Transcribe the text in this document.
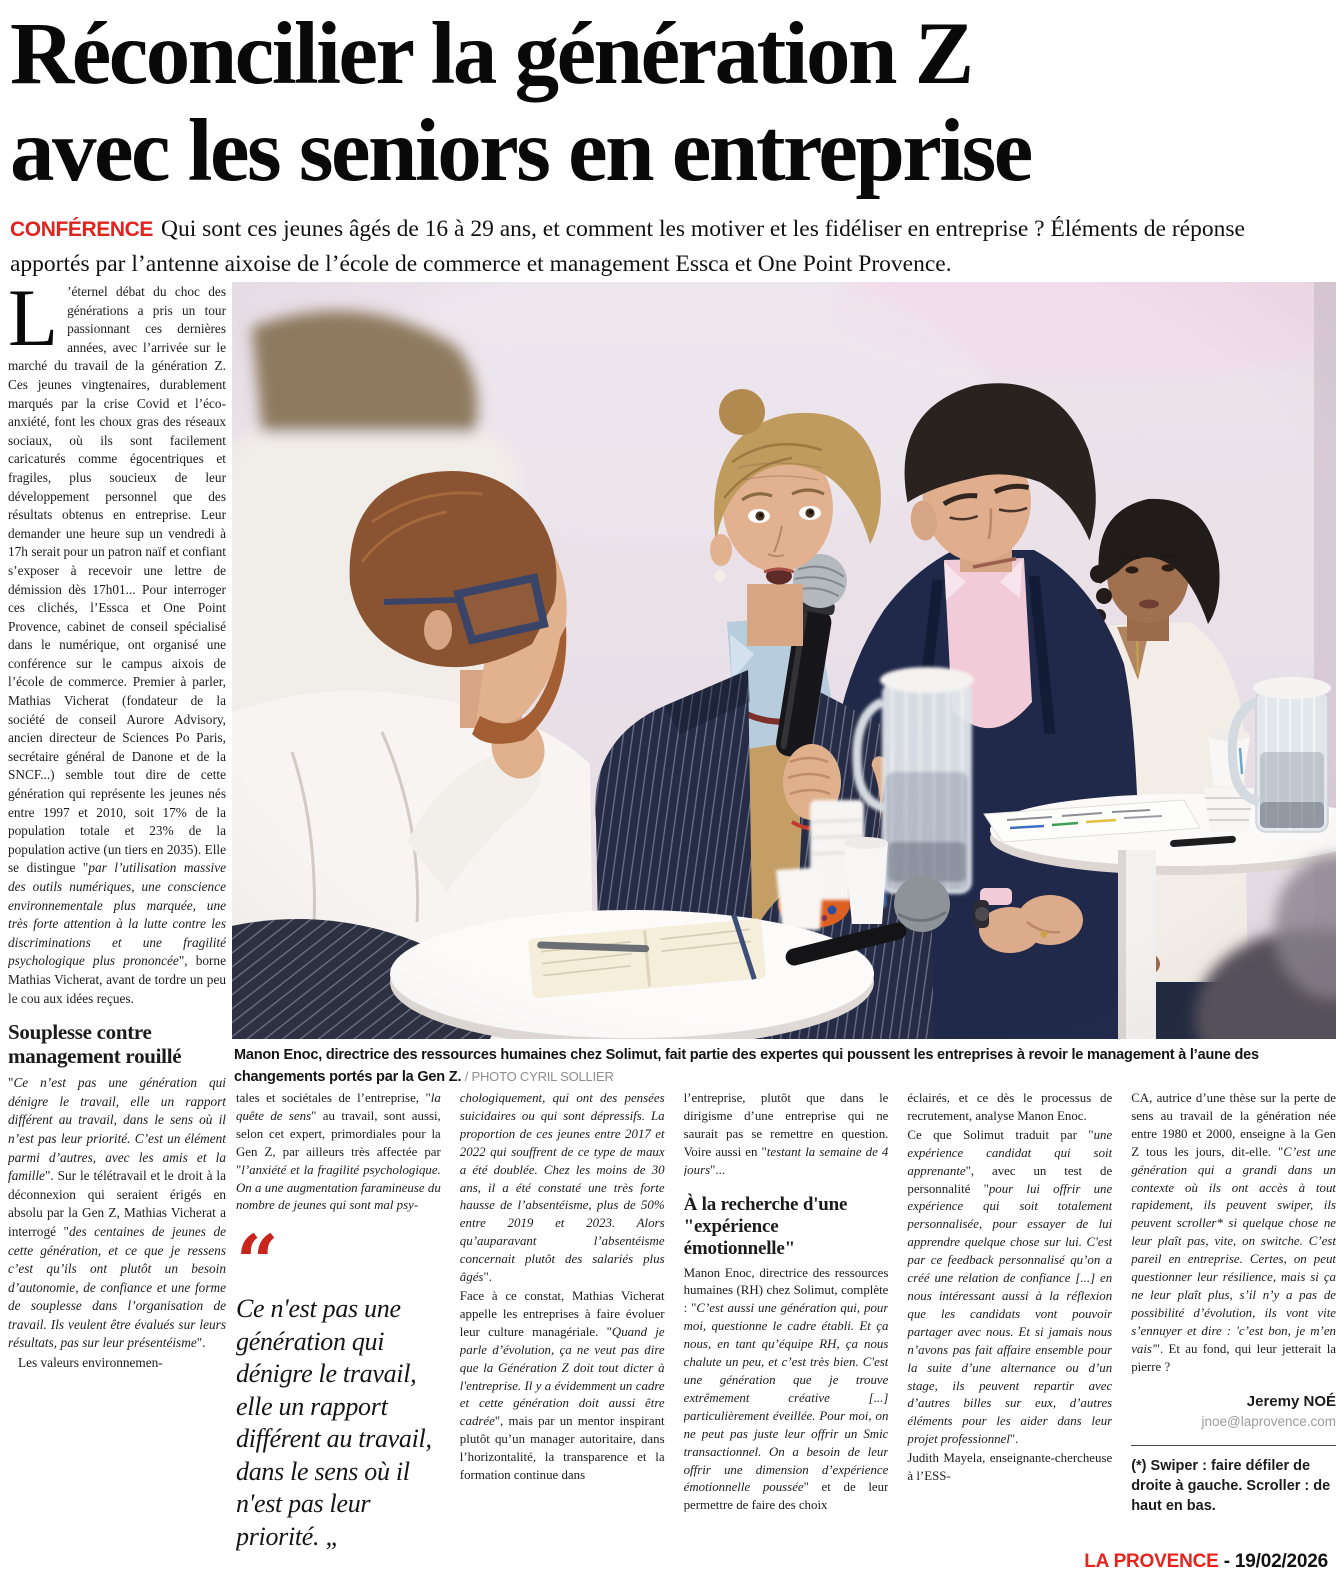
Réconcilier la génération Z
avec les seniors en entreprise
CONFÉRENCE Qui sont ces jeunes âgés de 16 à 29 ans, et comment les motiver et les fidéliser en entreprise ? Éléments de réponse apportés par l’antenne aixoise de l’école de commerce et management Essca et One Point Provence.
L ’éternel débat du choc des générations a pris un tour passionnant ces dernières années, avec l’arrivée sur le marché du travail de la génération Z. Ces jeunes vingtenaires, durablement marqués par la crise Covid et l’éco-anxiété, font les choux gras des réseaux sociaux, où ils sont facilement caricaturés comme égocentriques et fragiles, plus soucieux de leur développement personnel que des résultats obtenus en entreprise. Leur demander une heure sup un vendredi à 17h serait pour un patron naïf et confiant s’exposer à recevoir une lettre de démission dès 17h01... Pour interroger ces clichés, l’Essca et One Point Provence, cabinet de conseil spécialisé dans le numérique, ont organisé une conférence sur le campus aixois de l’école de commerce. Premier à parler, Mathias Vicherat (fondateur de la société de conseil Aurore Advisory, ancien directeur de Sciences Po Paris, secrétaire général de Danone et de la SNCF...) semble tout dire de cette génération qui représente les jeunes nés entre 1997 et 2010, soit 17% de la population totale et 23% de la population active (un tiers en 2035). Elle se distingue "par l’utilisation massive des outils numériques, une conscience environnementale plus marquée, une très forte attention à la lutte contre les discriminations et une fragilité psychologique plus prononcée", borne Mathias Vicherat, avant de tordre un peu le cou aux idées reçues.

Souplesse contre management rouillé

"Ce n’est pas une génération qui dénigre le travail, elle un rapport différent au travail, dans le sens où il n’est pas leur priorité. C’est un élément parmi d’autres, avec les amis et la famille". Sur le télétravail et le droit à la déconnexion qui seraient érigés en absolu par la Gen Z, Mathias Vicherat a interrogé "des centaines de jeunes de cette génération, et ce que je ressens c’est qu’ils ont plutôt un besoin d’autonomie, de confiance et une forme de souplesse dans l’organisation de travail. Ils veulent être évalués sur leurs résultats, pas sur leur présentéisme".

Les valeurs environnemen-

Manon Enoc, directrice des ressources humaines chez Solimut, fait partie des expertes qui poussent les entreprises à revoir le management à l’aune des changements portés par la Gen Z. / PHOTO CYRIL SOLLIER

tales et sociétales de l’entreprise, "la quête de sens" au travail, sont aussi, selon cet expert, primordiales pour la Gen Z, par ailleurs très affectée par "l’anxiété et la fragilité psychologique. On a une augmentation faramineuse du nombre de jeunes qui sont mal psy-

“
Ce n'est pas une génération qui dénigre le travail, elle un rapport différent au travail, dans le sens où il n'est pas leur priorité. „

chologiquement, qui ont des pensées suicidaires ou qui sont dépressifs. La proportion de ces jeunes entre 2017 et 2022 qui souffrent de ce type de maux a été doublée. Chez les moins de 30 ans, il a été constaté une très forte hausse de l’absentéisme, plus de 50% entre 2019 et 2023. Alors qu’auparavant l’absentéisme concernait plutôt des salariés plus âgés".

Face à ce constat, Mathias Vicherat appelle les entreprises à faire évoluer leur culture managériale. "Quand je parle d’évolution, ça ne veut pas dire que la Génération Z doit tout dicter à l'entreprise. Il y a évidemment un cadre et cette génération doit aussi être cadrée", mais par un mentor inspirant plutôt qu’un manager autoritaire, dans l’horizontalité, la transparence et la formation continue dans

l’entreprise, plutôt que dans le dirigisme d’une entreprise qui ne saurait pas se remettre en question. Voire aussi en "testant la semaine de 4 jours"...

À la recherche d'une "expérience émotionnelle"

Manon Enoc, directrice des ressources humaines (RH) chez Solimut, complète : "C’est aussi une génération qui, pour moi, questionne le cadre établi. Et ça nous, en tant qu’équipe RH, ça nous chalute un peu, et c’est très bien. C'est une génération que je trouve extrêmement créative [...] particulièrement éveillée. Pour moi, on ne peut pas juste leur offrir un Smic transactionnel. On a besoin de leur offrir une dimension d’expérience émotionnelle poussée" et de leur permettre de faire des choix

éclairés, et ce dès le processus de recrutement, analyse Manon Enoc.

Ce que Solimut traduit par "une expérience candidat qui soit apprenante", avec un test de personnalité "pour lui offrir une expérience qui soit totalement personnalisée, pour essayer de lui apprendre quelque chose sur lui. C'est par ce feedback personnalisé qu’on a créé une relation de confiance [...] en nous intéressant aussi à la réflexion que les candidats vont pouvoir partager avec nous. Et si jamais nous n’avons pas fait affaire ensemble pour la suite d’une alternance ou d’un stage, ils peuvent repartir avec d’autres billes sur eux, d’autres éléments pour les aider dans leur projet professionnel".

Judith Mayela, enseignante-chercheuse à l’ESS-

CA, autrice d’une thèse sur la perte de sens au travail de la génération née entre 1980 et 2000, enseigne à la Gen Z tous les jours, dit-elle. "C’est une génération qui a grandi dans un contexte où ils ont accès à tout rapidement, ils peuvent swiper, ils peuvent scroller* si quelque chose ne leur plaît pas, vite, on switche. C’est pareil en entreprise. Certes, on peut questionner leur résilience, mais si ça ne leur plaît plus, s’il n’y a pas de possibilité d’évolution, ils vont vite s’ennuyer et dire : 'c’est bon, je m’en vais'". Et au fond, qui leur jetterait la pierre ?

Jeremy NOÉ
jnoe@laprovence.com
(*) Swiper : faire défiler de droite à gauche. Scroller : de haut en bas.
LA PROVENCE - 19/02/2026
